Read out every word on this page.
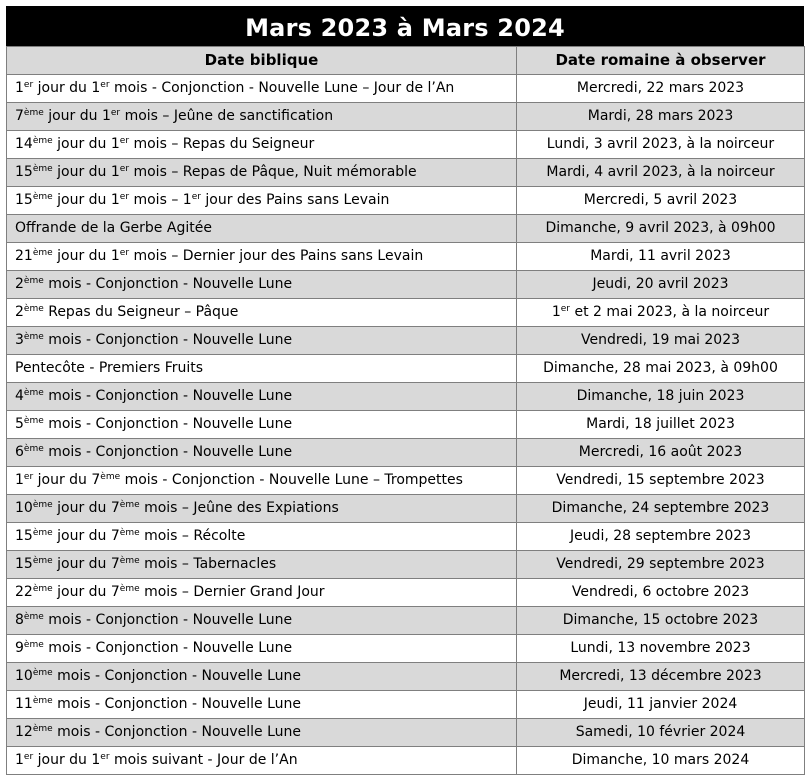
Mars 2023 à Mars 2024
Date biblique	Date romaine à observer
1er jour du 1er mois - Conjonction - Nouvelle Lune – Jour de l’An	Mercredi, 22 mars 2023
7ème jour du 1er mois – Jeûne de sanctification	Mardi, 28 mars 2023
14ème jour du 1er mois – Repas du Seigneur	Lundi, 3 avril 2023, à la noirceur
15ème jour du 1er mois – Repas de Pâque, Nuit mémorable	Mardi, 4 avril 2023, à la noirceur
15ème jour du 1er mois – 1er jour des Pains sans Levain	Mercredi, 5 avril 2023
Offrande de la Gerbe Agitée	Dimanche, 9 avril 2023, à 09h00
21ème jour du 1er mois – Dernier jour des Pains sans Levain	Mardi, 11 avril 2023
2ème mois - Conjonction - Nouvelle Lune	Jeudi, 20 avril 2023
2ème Repas du Seigneur – Pâque	1er et 2 mai 2023, à la noirceur
3ème mois - Conjonction - Nouvelle Lune	Vendredi, 19 mai 2023
Pentecôte - Premiers Fruits	Dimanche, 28 mai 2023, à 09h00
4ème mois - Conjonction - Nouvelle Lune	Dimanche, 18 juin 2023
5ème mois - Conjonction - Nouvelle Lune	Mardi, 18 juillet 2023
6ème mois - Conjonction - Nouvelle Lune	Mercredi, 16 août 2023
1er jour du 7ème mois - Conjonction - Nouvelle Lune – Trompettes	Vendredi, 15 septembre 2023
10ème jour du 7ème mois – Jeûne des Expiations	Dimanche, 24 septembre 2023
15ème jour du 7ème mois – Récolte	Jeudi, 28 septembre 2023
15ème jour du 7ème mois – Tabernacles	Vendredi, 29 septembre 2023
22ème jour du 7ème mois – Dernier Grand Jour	Vendredi, 6 octobre 2023
8ème mois - Conjonction - Nouvelle Lune	Dimanche, 15 octobre 2023
9ème mois - Conjonction - Nouvelle Lune	Lundi, 13 novembre 2023
10ème mois - Conjonction - Nouvelle Lune	Mercredi, 13 décembre 2023
11ème mois - Conjonction - Nouvelle Lune	Jeudi, 11 janvier 2024
12ème mois - Conjonction - Nouvelle Lune	Samedi, 10 février 2024
1er jour du 1er mois suivant - Jour de l’An	Dimanche, 10 mars 2024
